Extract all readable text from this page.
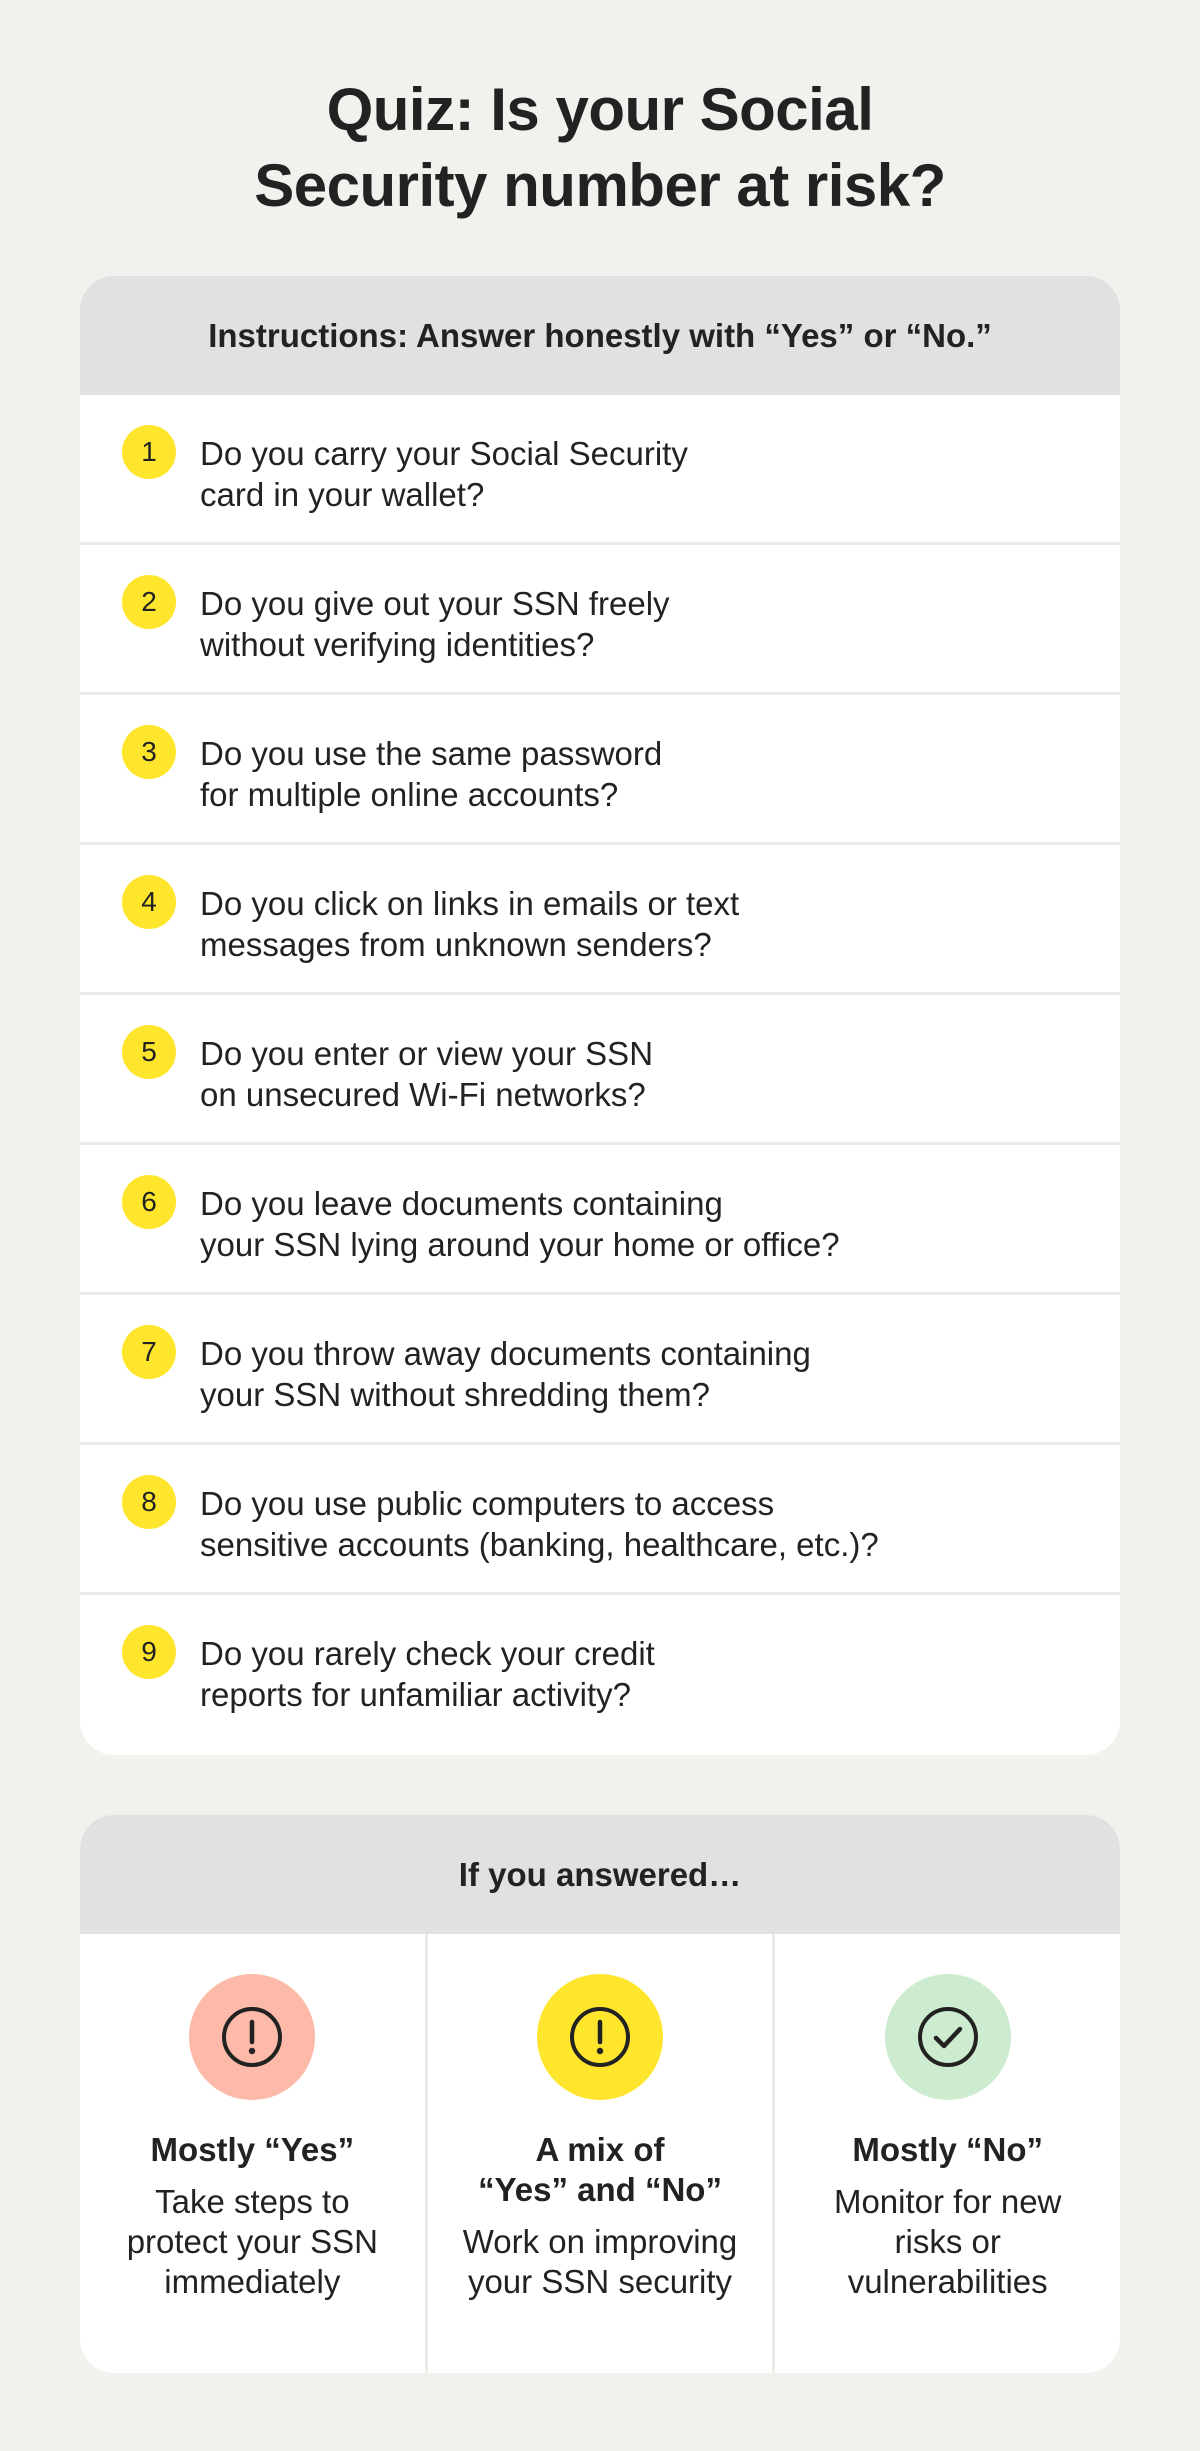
Quiz: Is your Social
Security number at risk?
Instructions: Answer honestly with “Yes” or “No.”
1	Do you carry your Social Security
card in your wallet?
2	Do you give out your SSN freely
without verifying identities?
3	Do you use the same password
for multiple online accounts?
4	Do you click on links in emails or text
messages from unknown senders?
5	Do you enter or view your SSN
on unsecured Wi-Fi networks?
6	Do you leave documents containing
your SSN lying around your home or office?
7	Do you throw away documents containing
your SSN without shredding them?
8	Do you use public computers to access
sensitive accounts (banking, healthcare, etc.)?
9	Do you rarely check your credit
reports for unfamiliar activity?
If you answered…
Mostly “Yes”
Take steps to
protect your SSN
immediately
A mix of
“Yes” and “No”
Work on improving
your SSN security
Mostly “No”
Monitor for new
risks or
vulnerabilities
